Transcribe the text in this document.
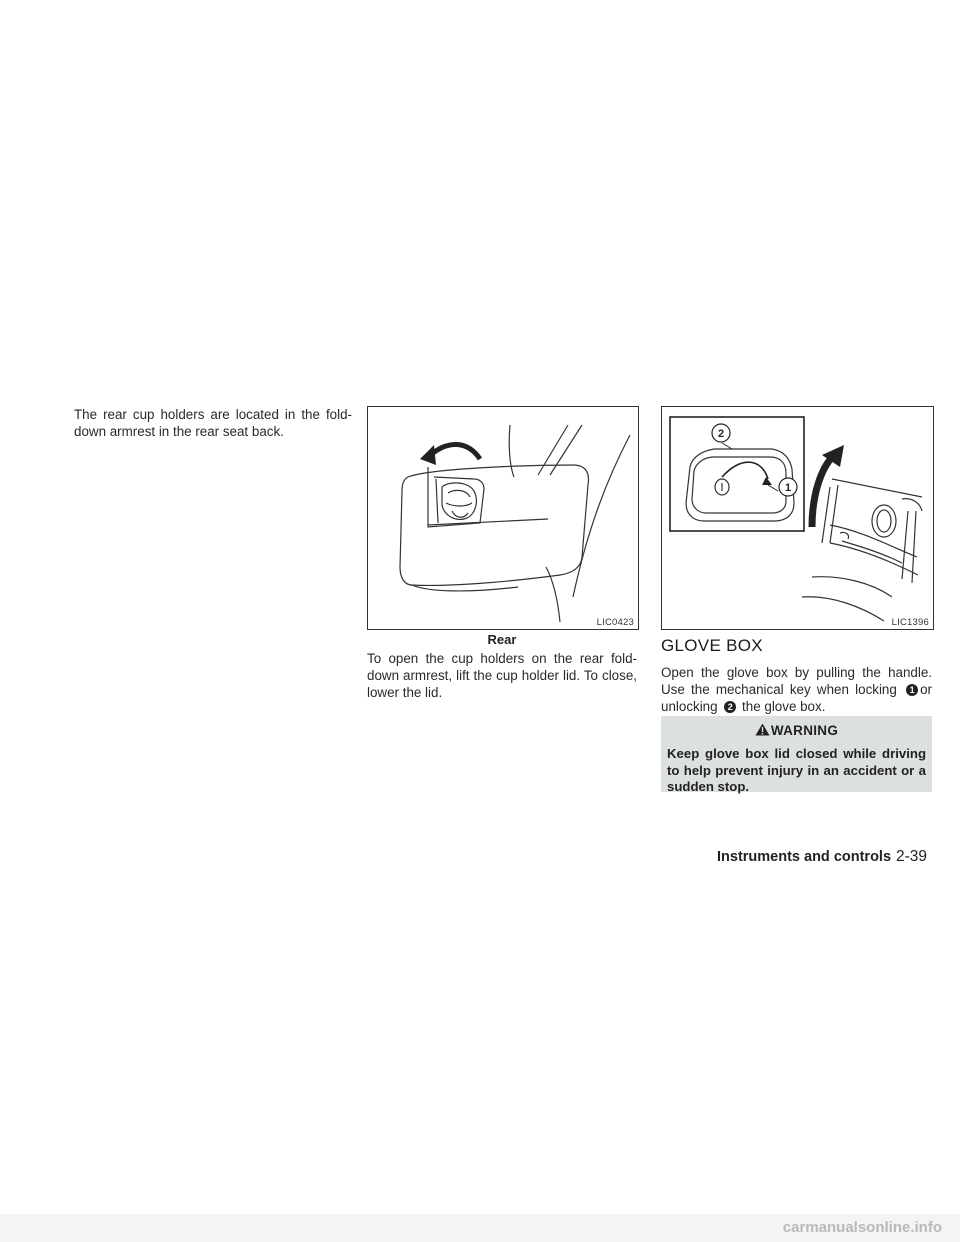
The rear cup holders are located in the fold-down armrest in the rear seat back.
LIC0423
Rear
To open the cup holders on the rear fold-down armrest, lift the cup holder lid. To close, lower the lid.
2
1
LIC1396
GLOVE BOX
Open the glove box by pulling the handle. Use the mechanical key when locking 1 or unlocking 2 the glove box.
WARNING
Keep glove box lid closed while driving to help prevent injury in an accident or a sudden stop.
Instruments and controls 2-39
carmanualsonline.info
